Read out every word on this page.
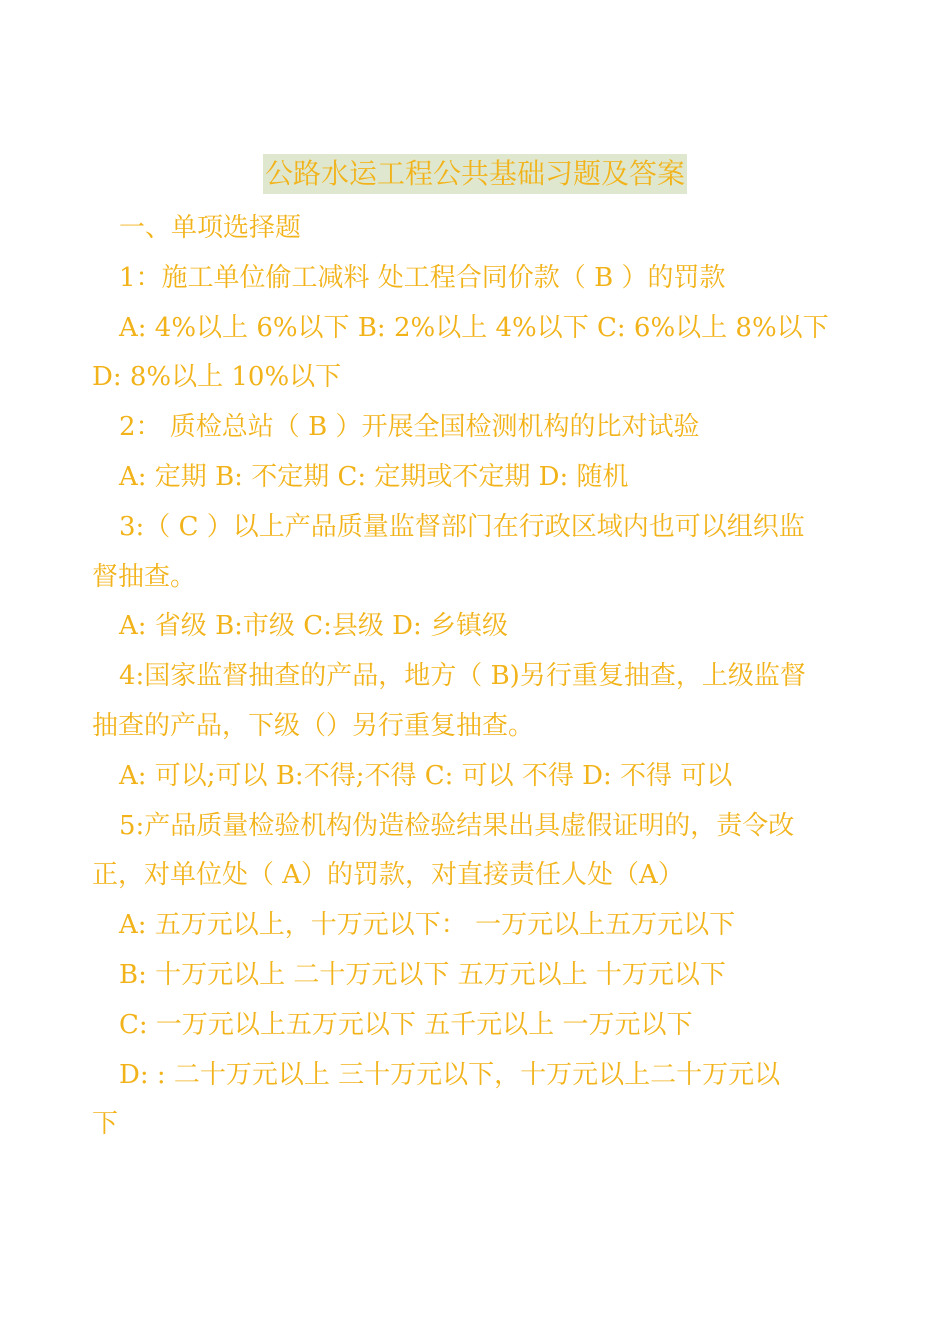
公路水运工程公共基础习题及答案
一、单项选择题
1：施工单位偷工减料 处工程合同价款（ B ）的罚款
A: 4%以上 6%以下 B: 2%以上 4%以下 C: 6%以上 8%以下
D: 8%以上 10%以下
2： 质检总站（ B ）开展全国检测机构的比对试验
A: 定期 B: 不定期 C: 定期或不定期 D: 随机
3:（ C ）以上产品质量监督部门在行政区域内也可以组织监
督抽查。
A: 省级 B:市级 C:县级 D: 乡镇级
4:国家监督抽查的产品，地方（ B)另行重复抽查，上级监督
抽查的产品，下级（）另行重复抽查。
A: 可以;可以 B:不得;不得 C: 可以 不得 D: 不得 可以
5:产品质量检验机构伪造检验结果出具虚假证明的，责令改
正，对单位处（ A）的罚款，对直接责任人处（A）
A: 五万元以上，十万元以下： 一万元以上五万元以下
B: 十万元以上 二十万元以下 五万元以上 十万元以下
C: 一万元以上五万元以下 五千元以上 一万元以下
D: : 二十万元以上 三十万元以下，十万元以上二十万元以
下
